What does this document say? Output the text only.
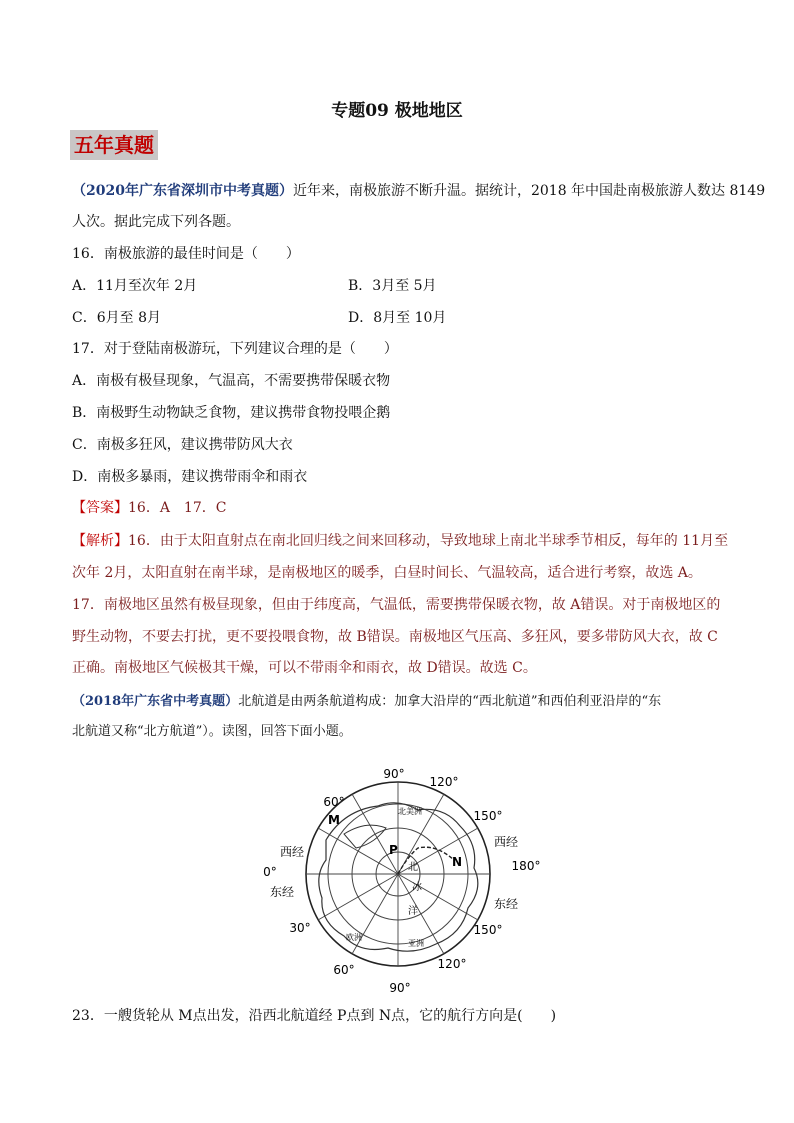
专题09 极地地区
五年真题
（2020年广东省深圳市中考真题）近年来，南极旅游不断升温。据统计，2018 年中国赴南极旅游人数达 8149
人次。据此完成下列各题。
16．南极旅游的最佳时间是（　　）
A．11月至次年 2月	B．3月至 5月
C．6月至 8月	D．8月至 10月
17．对于登陆南极游玩，下列建议合理的是（　　）
A．南极有极昼现象，气温高，不需要携带保暖衣物
B．南极野生动物缺乏食物，建议携带食物投喂企鹅
C．南极多狂风，建议携带防风大衣
D．南极多暴雨，建议携带雨伞和雨衣
【答案】16．A　17．C
【解析】16．由于太阳直射点在南北回归线之间来回移动，导致地球上南北半球季节相反，每年的 11月至
次年 2月，太阳直射在南半球，是南极地区的暖季，白昼时间长、气温较高，适合进行考察，故选 A。
17．南极地区虽然有极昼现象，但由于纬度高，气温低，需要携带保暖衣物，故 A错误。对于南极地区的
野生动物，不要去打扰，更不要投喂食物，故 B错误。南极地区气压高、多狂风，要多带防风大衣，故 C
正确。南极地区气候极其干燥，可以不带雨伞和雨衣，故 D错误。故选 C。
（2018年广东省中考真题）北航道是由两条航道构成：加拿大沿岸的“西北航道”和西伯利亚沿岸的“东
北航道又称“北方航道”）。读图，回答下面小题。
90°
120°
150°
180°
150°
120°
90°
60°
30°
0°
60°
西经
东经
西经
东经
M
P
N
北
冰
洋
北美洲
亚洲
欧洲
23．一艘货轮从 M点出发，沿西北航道经 P点到 N点，它的航行方向是(　　)
